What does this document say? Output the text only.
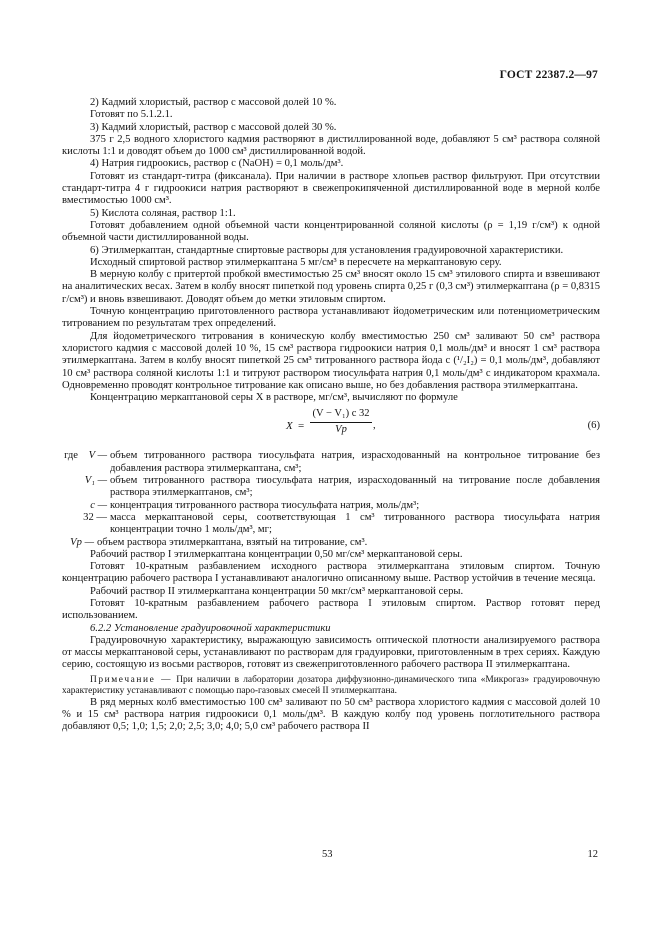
ГОСТ 22387.2—97

2) Кадмий хлористый, раствор с массовой долей 10 %.

Готовят по 5.1.2.1.

3) Кадмий хлористый, раствор с массовой долей 30 %.

375 г 2,5 водного хлористого кадмия растворяют в дистиллированной воде, добавляют 5 см³ раствора соляной кислоты 1:1 и доводят объем до 1000 см³ дистиллированной водой.

4) Натрия гидроокись, раствор c (NaOH) = 0,1 моль/дм³.

Готовят из стандарт-титра (фиксанала). При наличии в растворе хлопьев раствор фильтруют. При отсутствии стандарт-титра 4 г гидроокиси натрия растворяют в свежепрокипяченной дистиллированной воде в мерной колбе вместимостью 1000 см³.

5) Кислота соляная, раствор 1:1.

Готовят добавлением одной объемной части концентрированной соляной кислоты (ρ = 1,19 г/см³) к одной объемной части дистиллированной воды.

6) Этилмеркаптан, стандартные спиртовые растворы для установления градуировочной характеристики.

Исходный спиртовой раствор этилмеркаптана 5 мг/см³ в пересчете на меркаптановую серу.

В мерную колбу с притертой пробкой вместимостью 25 см³ вносят около 15 см³ этилового спирта и взвешивают на аналитических весах. Затем в колбу вносят пипеткой под уровень спирта 0,25 г (0,3 см³) этилмеркаптана (ρ = 0,8315 г/см³) и вновь взвешивают. Доводят объем до метки этиловым спиртом.

Точную концентрацию приготовленного раствора устанавливают йодометрическим или потенциометрическим титрованием по результатам трех определений.

Для йодометрического титрования в коническую колбу вместимостью 250 см³ заливают 50 см³ раствора хлористого кадмия с массовой долей 10 %, 15 см³ раствора гидроокиси натрия 0,1 моль/дм³ и вносят 1 см³ раствора этилмеркаптана. Затем в колбу вносят пипеткой 25 см³ титрованного раствора йода c (¹/₂I₂) = 0,1 моль/дм³, добавляют 10 см³ раствора соляной кислоты 1:1 и титруют раствором тиосульфата натрия 0,1 моль/дм³ с индикатором крахмала. Одновременно проводят контрольное титрование как описано выше, но без добавления раствора этилмеркаптана.

Концентрацию меркаптановой серы X в растворе, мг/см³, вычисляют по формуле

X =
(V − V₁) c 32
Vр	,	(6)
где	V — объем титрованного раствора тиосульфата натрия, израсходованный на контрольное титрование без добавления раствора этилмеркаптана, см³;
V₁ — объем титрованного раствора тиосульфата натрия, израсходованный на титрование после добавления раствора этилмеркаптанов, см³;
c — концентрация титрованного раствора тиосульфата натрия, моль/дм³;
32 — масса меркаптановой серы, соответствующая 1 см³ титрованного раствора тиосульфата натрия концентрации точно 1 моль/дм³, мг;
Vр — объем раствора этилмеркаптана, взятый на титрование, см³.

Рабочий раствор I этилмеркаптана концентрации 0,50 мг/см³ меркаптановой серы.

Готовят 10-кратным разбавлением исходного раствора этилмеркаптана этиловым спиртом. Точную концентрацию рабочего раствора I устанавливают аналогично описанному выше. Раствор устойчив в течение месяца.

Рабочий раствор II этилмеркаптана концентрации 50 мкг/см³ меркаптановой серы.

Готовят 10-кратным разбавлением рабочего раствора I этиловым спиртом. Раствор готовят перед использованием.

6.2.2 Установление градуировочной характеристики

Градуировочную характеристику, выражающую зависимость оптической плотности анализируемого раствора от массы меркаптановой серы, устанавливают по растворам для градуировки, приготовленным в трех сериях. Каждую серию, состоящую из восьми растворов, готовят из свежеприготовленного рабочего раствора II этилмеркаптана.

Примечание — При наличии в лаборатории дозатора диффузионно-динамического типа «Микрогаз» градуировочную характеристику устанавливают с помощью паро-газовых смесей II этилмеркаптана.

В ряд мерных колб вместимостью 100 см³ заливают по 50 см³ раствора хлористого кадмия с массовой долей 10 % и 15 см³ раствора натрия гидроокиси 0,1 моль/дм³. В каждую колбу под уровень поглотительного раствора добавляют 0,5; 1,0; 1,5; 2,0; 2,5; 3,0; 4,0; 5,0 см³ рабочего раствора II

53	12
